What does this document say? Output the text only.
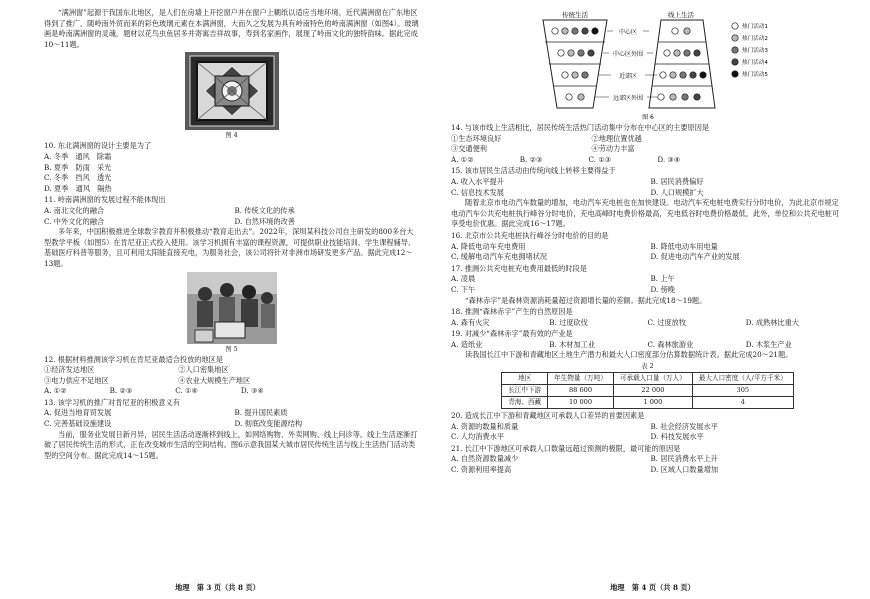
“满洲窗”起源于我国东北地区，是人们在房墙上开挖窗户并在窗户上糊纸以适应当地环境。近代满洲窗在广东地区得到了推广，随岭南外贸而来的彩色玻璃元素在本满洲窗，大而久之发展为具有岭南特色的岭南满洲窗（如图4）。玻璃画是岭南满洲窗的灵魂，题材以花鸟虫鱼居多并寄寓吉祥故事，寿到名家画作，展现了岭南文化的独特韵味。据此完成10～11题。

图 4
10. 东北满洲窗的设计主要是为了
A. 冬季　通风　除霜
B. 夏季　防雨　采光
C. 冬季　挡风　透光
D. 夏季　通风　隔热
11. 岭南满洲窗的发展过程不能体现出
A. 南北文化的融合	B. 传统文化的传承
C. 中外文化的融合	D. 自然环境的改善

多年来，中国积极推进全球数字教育并积极推动“教育走出去”。2022年，深圳某科技公司自主研发的800多台大型教学平板（如图5）在肯尼亚正式投入使用。该学习机拥有丰富的课程资源，可提供职业技能培训、学生课程辅导、基础医疗科普等服务，且可利用太阳能直接充电，为服务社会，该公司将针对非洲市场研发更多产品。据此完成12～13题。

图 5
12. 根据材料推测该学习机在肯尼亚最适合投放的地区是
①经济发达地区	②人口密集地区
③电力供应不足地区	④农业大规模生产地区
A. ①②	B. ②③	C. ①④	D. ③④
13. 该学习机的推广对肯尼亚的积极意义有
A. 促进当地育贸发展	B. 提升国民素质
C. 完善基础设施建设	D. 彻底改变能源结构

当前，服务业发展日新月异，居民生活活动逐渐移到线上，如网络购物、外卖网购、线上问诊等。线上生活逐渐打破了居民传统生活的形式，正在改变城市生活的空间结构。图6示意我国某大城市居民传统生活与线上生活热门活动类型的空间分布。据此完成14～15题。

地理　第 3 页（共 8 页）
传统生活	线上生活
中心区
中心区外围
近郊区
远郊区外围
热门活动1
热门活动2
热门活动3
热门活动4
热门活动5
图 6
14. 与该市线上生活相比，居民传统生活热门活动集中分布在中心区的主要原因是
①生态环境良好	②地理位置优越
③交通便利	④劳动力丰富
A. ①②	B. ②③	C. ①③	D. ③④
15. 该市居民生活活动由传统向线上转移主要得益于
A. 收入水平提升	B. 居民消费偏好
C. 信息技术发展	D. 人口规模扩大

随着北京市电动汽车数量的增加，电动汽车充电桩也在加快建设。电动汽车充电桩电费实行分时电价，为此北京市规定电动汽车公共充电桩执行峰谷分时电价，充电高峰时电费价格最高，充电低谷时电费价格最低，此外，单位和公共充电桩可享受电价优惠。据此完成16～17题。

16. 北京市公共充电桩执行峰谷分时电价的目的是
A. 降低电动车充电费用	B. 降低电动车用电量
C. 缓解电动汽车充电拥堵状况	D. 促进电动汽车产业的发展
17. 推测公共充电桩充电费用最低的时段是
A. 凌晨	B. 上午
C. 下午	D. 傍晚

“森林赤字”是森林资源消耗量超过资源增长量的差额。据此完成18～19题。

18. 推测“森林赤字”产生的自然原因是
A. 森有火灾	B. 过度砍伐	C. 过度放牧	D. 成熟林比重大
19. 对减少“森林赤字”最有效的产业是
A. 造纸业	B. 木材加工业	C. 森林旅游业	D. 木浆生产业

读我国长江中下游和青藏地区土地生产潜力和最大人口密度部分估算数据统计表。据此完成20～21题。

表 2
地区	年生物量（万吨）	可承载人口量（万人）	最大人口密度（人/平方千米）
长江中下游	88 600	22 000	305
青海、西藏	10 000	1 000	4
20. 造成长江中下游和青藏地区可承载人口差异的首要因素是
A. 资源的数量和质量	B. 社会经济发展水平
C. 人均消费水平	D. 科技发展水平
21. 长江中下游地区可承载人口数量远超过预测的极限，最可能的原因是
A. 自然资源数量减少	B. 居民消费水平上升
C. 资源利用率提高	D. 区域人口数量增加
地理　第 4 页（共 8 页）
